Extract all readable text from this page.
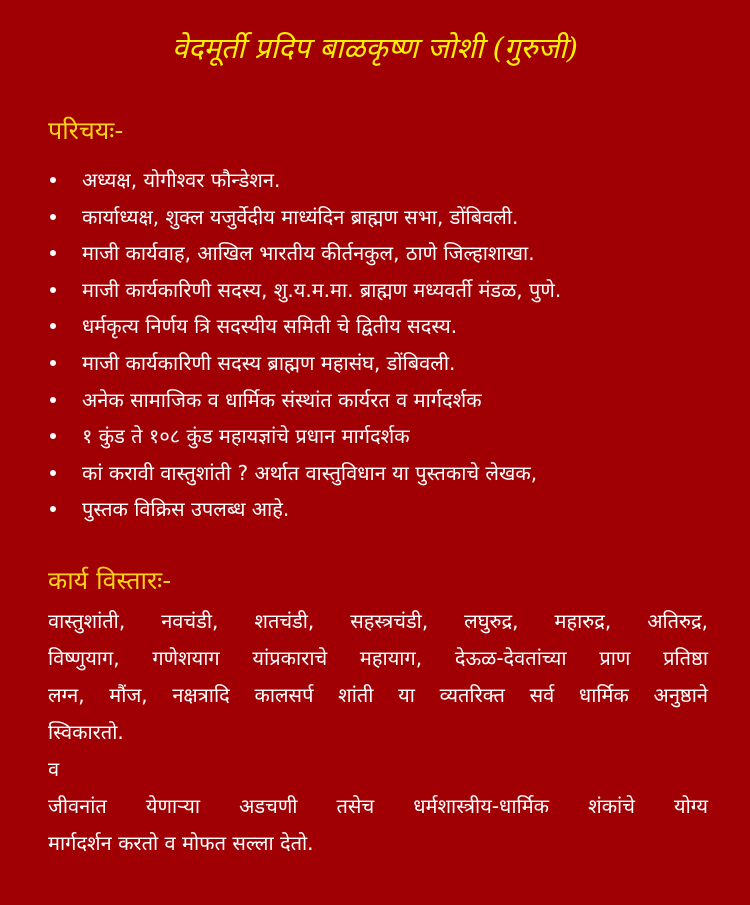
वेदमूर्ती प्रदिप बाळकृष्ण जोशी (गुरुजी)
परिचयः-
अध्यक्ष, योगीश्वर फौन्डेशन.
कार्याध्यक्ष, शुक्ल यजुर्वेदीय माध्यंदिन ब्राह्मण सभा, डोंबिवली.
माजी कार्यवाह, आखिल भारतीय कीर्तनकुल, ठाणे जिल्हाशाखा.
माजी कार्यकारिणी सदस्य, शु.य.म.मा. ब्राह्मण मध्यवर्ती मंडळ, पुणे.
धर्मकृत्य निर्णय त्रि सदस्यीय समिती चे द्वितीय सदस्य.
माजी कार्यकारिणी सदस्य ब्राह्मण महासंघ, डोंबिवली.
अनेक सामाजिक व धार्मिक संस्थांत कार्यरत व मार्गदर्शक
१ कुंड ते १०८ कुंड महायज्ञांचे प्रधान मार्गदर्शक
कां करावी वास्तुशांती ? अर्थात वास्तुविधान या पुस्तकाचे लेखक,
पुस्तक विक्रिस उपलब्ध आहे.
कार्य विस्तारः-

वास्तुशांती, नवचंडी, शतचंडी, सहस्त्रचंडी, लघुरुद्र, महारुद्र, अतिरुद्र,

विष्णुयाग, गणेशयाग यांप्रकाराचे महायाग, देऊळ-देवतांच्या प्राण प्रतिष्ठा

लग्न, मौंज, नक्षत्रादि कालसर्प शांती या व्यतरिक्त सर्व धार्मिक अनुष्ठाने

स्विकारतो.

व

जीवनांत येणाऱ्या अडचणी तसेच धर्मशास्त्रीय-धार्मिक शंकांचे योग्य

मार्गदर्शन करतो व मोफत सल्ला देतो.
